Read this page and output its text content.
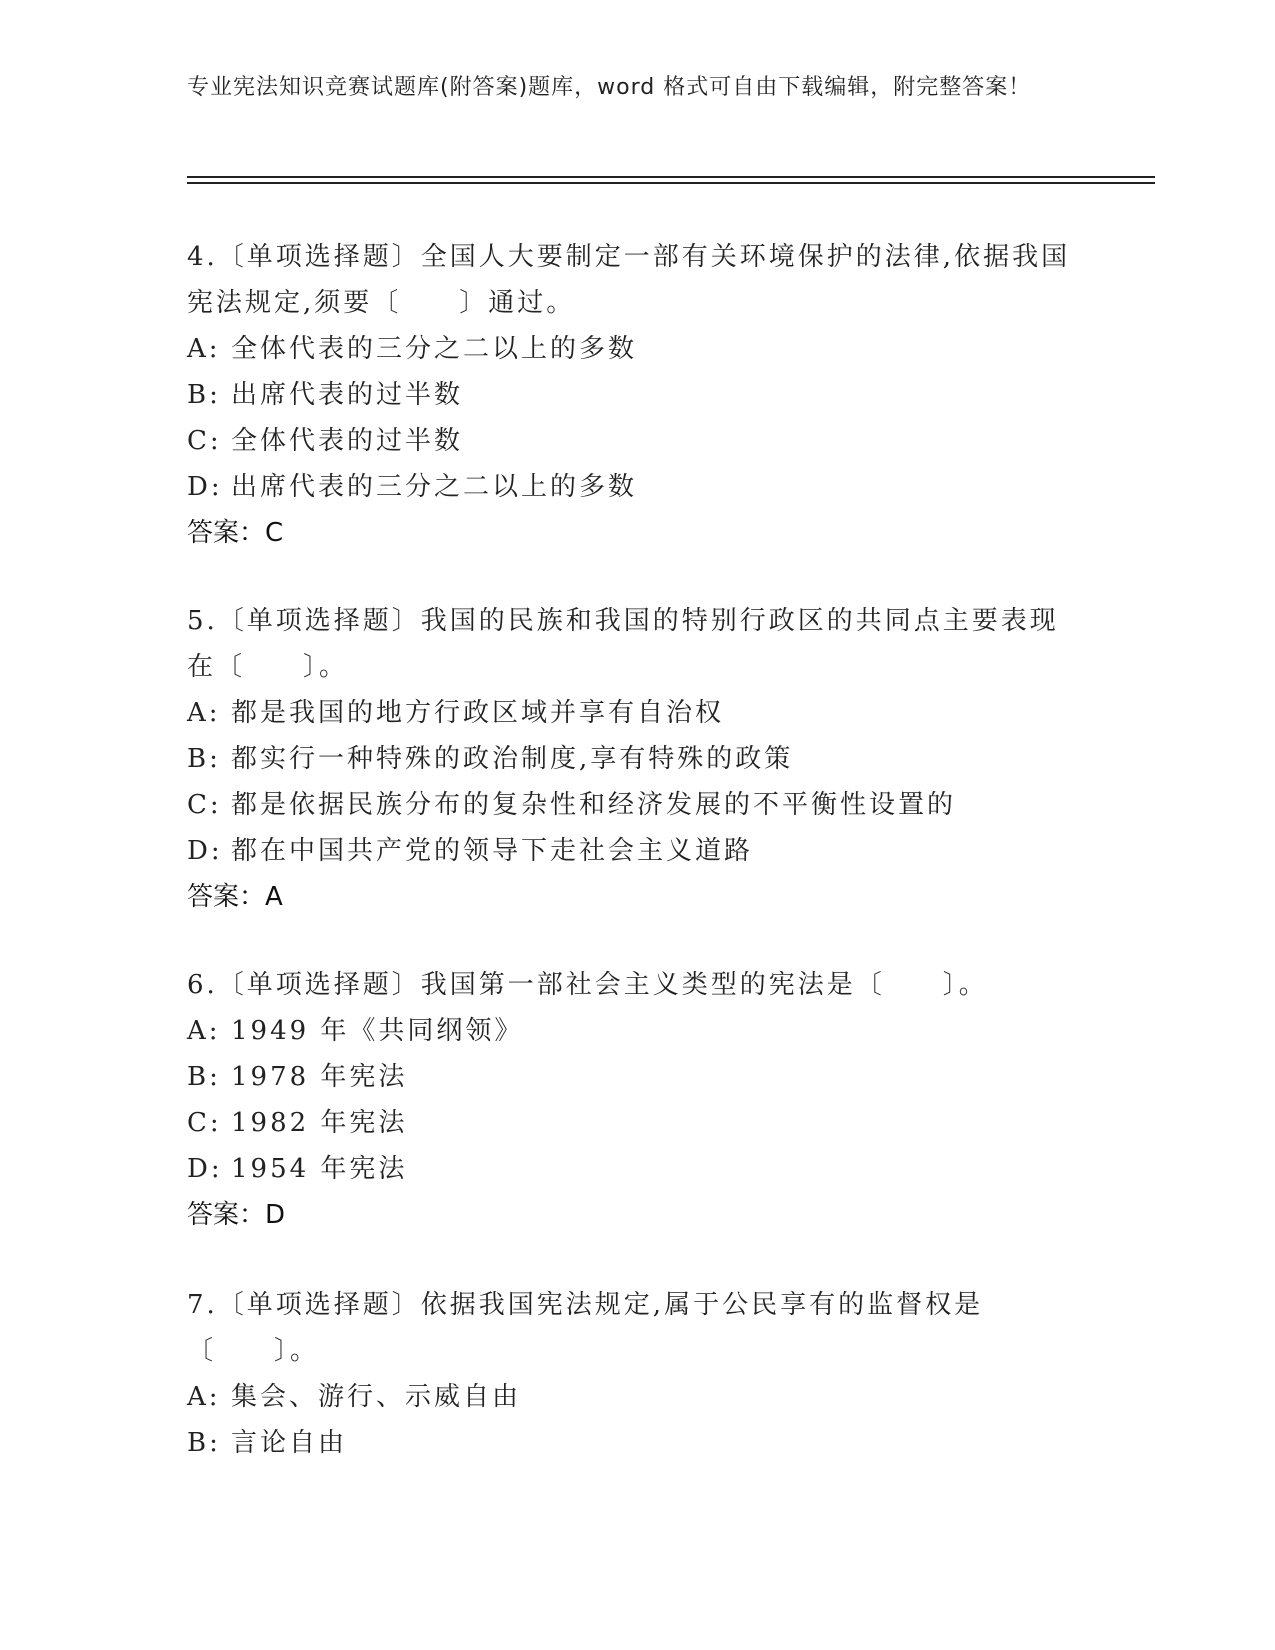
专业宪法知识竞赛试题库(附答案)题库，word 格式可自由下载编辑，附完整答案！

4.〔单项选择题〕全国人大要制定一部有关环境保护的法律,依据我国宪法规定,须要〔　　〕通过。

A: 全体代表的三分之二以上的多数

B: 出席代表的过半数

C: 全体代表的过半数

D: 出席代表的三分之二以上的多数

答案：C

5.〔单项选择题〕我国的民族和我国的特别行政区的共同点主要表现在〔　　〕。

A: 都是我国的地方行政区域并享有自治权

B: 都实行一种特殊的政治制度,享有特殊的政策

C: 都是依据民族分布的复杂性和经济发展的不平衡性设置的

D: 都在中国共产党的领导下走社会主义道路

答案：A

6.〔单项选择题〕我国第一部社会主义类型的宪法是〔　　〕。

A: 1949 年《共同纲领》

B: 1978 年宪法

C: 1982 年宪法

D: 1954 年宪法

答案：D

7.〔单项选择题〕依据我国宪法规定,属于公民享有的监督权是〔　　〕。

A: 集会、游行、示威自由

B: 言论自由
